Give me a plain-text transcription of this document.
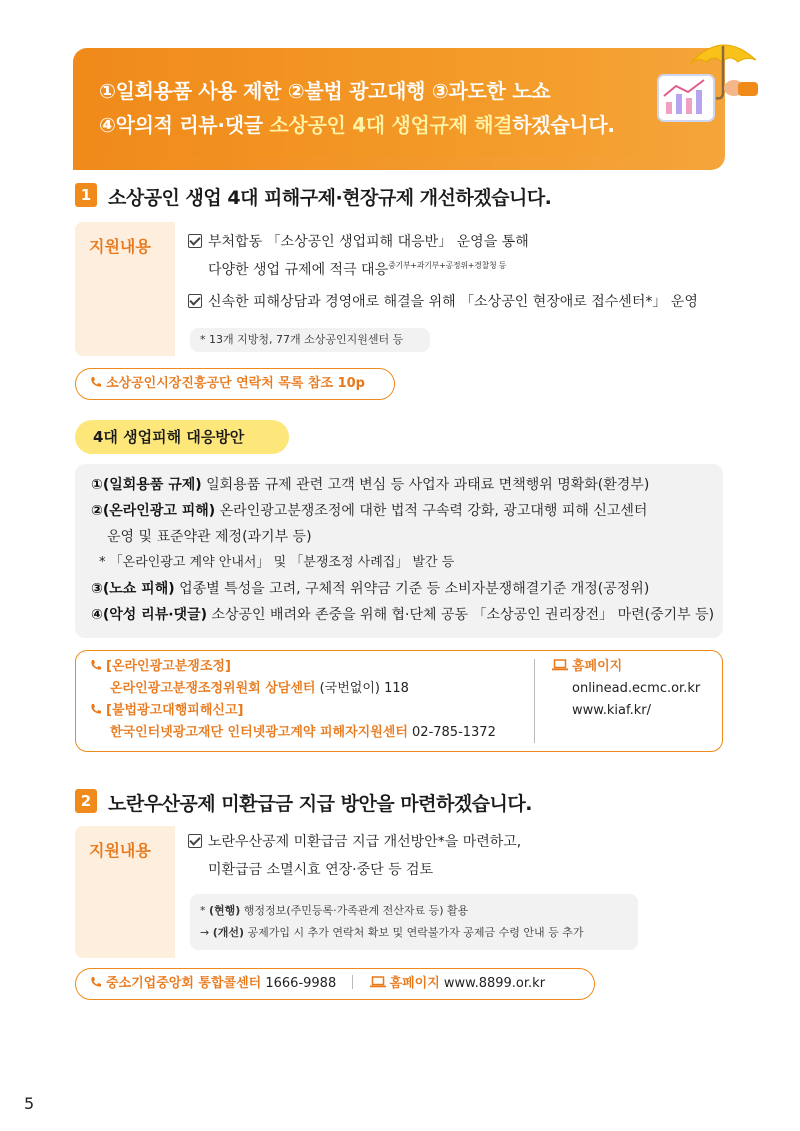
①일회용품 사용 제한 ②불법 광고대행 ③과도한 노쇼
④악의적 리뷰·댓글 소상공인 4대 생업규제 해결하겠습니다.
1 소상공인 생업 4대 피해구제·현장규제 개선하겠습니다.
지원내용	부처합동 「소상공인 생업피해 대응반」 운영을 통해
다양한 생업 규제에 적극 대응$^{중기부+과기부+공정위+경찰청 등}$
신속한 피해상담과 경영애로 해결을 위해 「소상공인 현장애로 접수센터*」 운영
* 13개 지방청, 77개 소상공인지원센터 등
소상공인시장진흥공단 연락처 목록 참조 10p
4대 생업피해 대응방안
①(일회용품 규제) 일회용품 규제 관련 고객 변심 등 사업자 과태료 면책행위 명확화(환경부)
②(온라인광고 피해) 온라인광고분쟁조정에 대한 법적 구속력 강화, 광고대행 피해 신고센터
운영 및 표준약관 제정(과기부 등)
* 「온라인광고 계약 안내서」 및 「분쟁조정 사례집」 발간 등
③(노쇼 피해) 업종별 특성을 고려, 구체적 위약금 기준 등 소비자분쟁해결기준 개정(공정위)
④(악성 리뷰·댓글) 소상공인 배려와 존중을 위해 협·단체 공동 「소상공인 권리장전」 마련(중기부 등)
[온라인광고분쟁조정]
온라인광고분쟁조정위원회 상담센터 (국번없이) 118
[불법광고대행피해신고]
한국인터넷광고재단 인터넷광고계약 피해자지원센터 02-785-1372
홈페이지
onlinead.ecmc.or.kr
www.kiaf.kr/
2 노란우산공제 미환급금 지급 방안을 마련하겠습니다.
지원내용	노란우산공제 미환급금 지급 개선방안*을 마련하고,
미환급금 소멸시효 연장·중단 등 검토
* (현행) 행정정보(주민등록·가족관계 전산자료 등) 활용
→ (개선) 공제가입 시 추가 연락처 확보 및 연락불가자 공제금 수령 안내 등 추가
중소기업중앙회 통합콜센터 1666-9988	홈페이지 www.8899.or.kr
5
